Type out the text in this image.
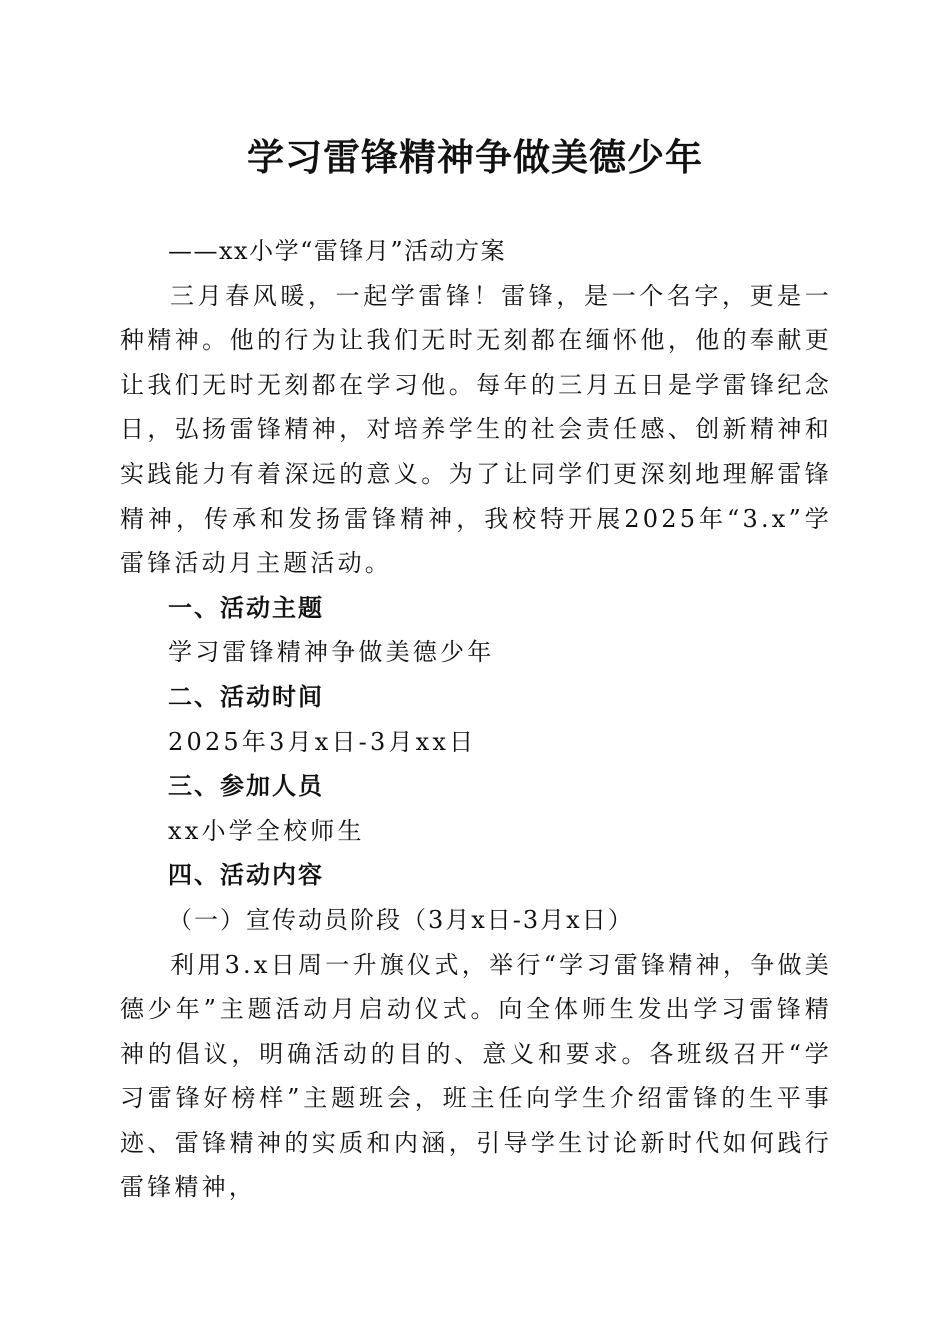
学习雷锋精神争做美德少年

——xx小学“雷锋月”活动方案

三月春风暖，一起学雷锋！雷锋，是一个名字，更是一种精神。他的行为让我们无时无刻都在缅怀他，他的奉献更让我们无时无刻都在学习他。每年的三月五日是学雷锋纪念日，弘扬雷锋精神，对培养学生的社会责任感、创新精神和实践能力有着深远的意义。为了让同学们更深刻地理解雷锋精神，传承和发扬雷锋精神，我校特开展2025年“3.x”学雷锋活动月主题活动。

一、活动主题

学习雷锋精神争做美德少年

二、活动时间

2025年3月x日-3月xx日

三、参加人员

xx小学全校师生

四、活动内容

（一）宣传动员阶段（3月x日-3月x日）

利用3.x日周一升旗仪式，举行“学习雷锋精神，争做美德少年”主题活动月启动仪式。向全体师生发出学习雷锋精神的倡议，明确活动的目的、意义和要求。各班级召开“学习雷锋好榜样”主题班会，班主任向学生介绍雷锋的生平事迹、雷锋精神的实质和内涵，引导学生讨论新时代如何践行雷锋精神，
